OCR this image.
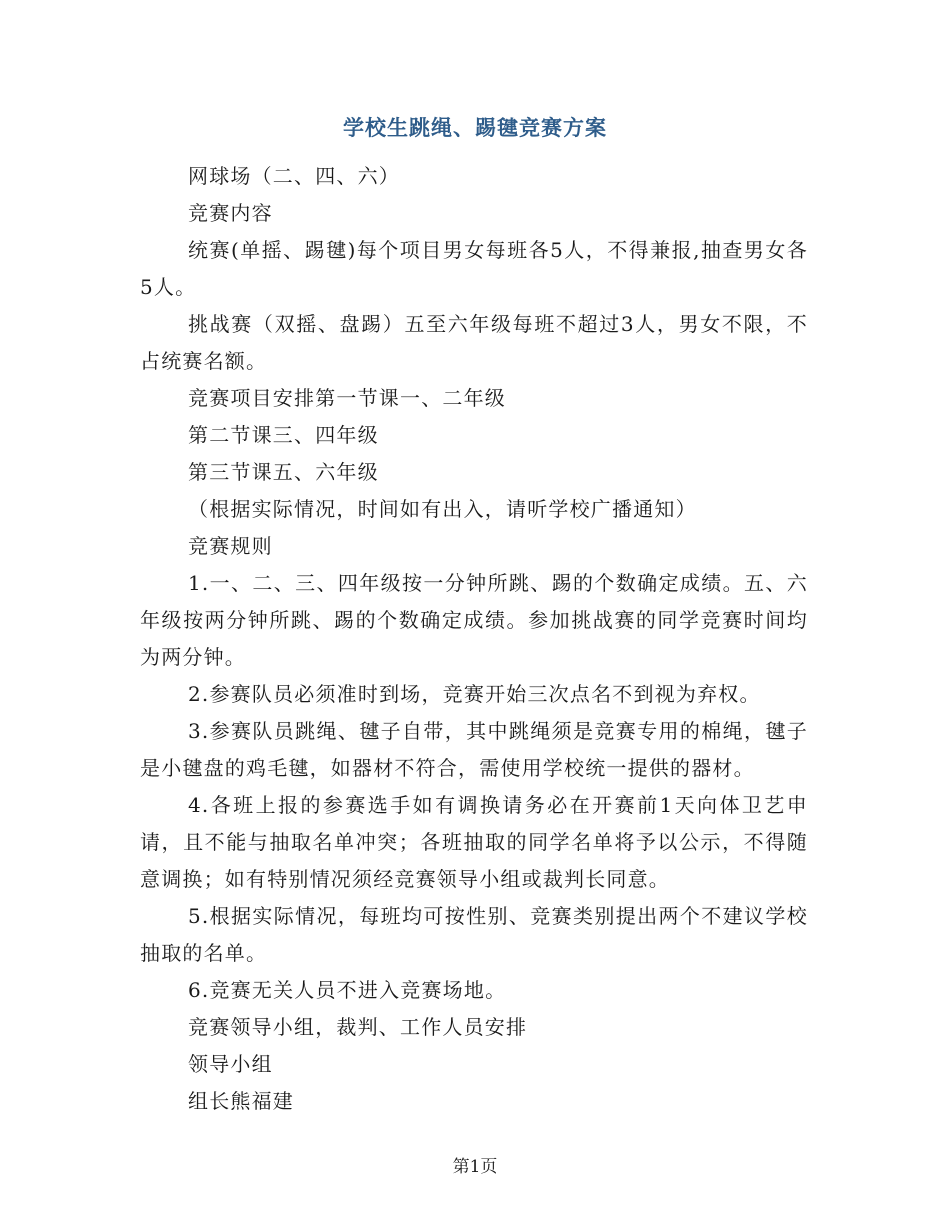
学校生跳绳、踢毽竞赛方案

网球场（二、四、六）

竞赛内容

统赛(单摇、踢毽)每个项目男女每班各5人，不得兼报,抽查男女各5人。

挑战赛（双摇、盘踢）五至六年级每班不超过3人，男女不限，不占统赛名额。

竞赛项目安排第一节课一、二年级

第二节课三、四年级

第三节课五、六年级

（根据实际情况，时间如有出入，请听学校广播通知）

竞赛规则

1.一、二、三、四年级按一分钟所跳、踢的个数确定成绩。五、六年级按两分钟所跳、踢的个数确定成绩。参加挑战赛的同学竞赛时间均为两分钟。

2.参赛队员必须准时到场，竞赛开始三次点名不到视为弃权。

3.参赛队员跳绳、毽子自带，其中跳绳须是竞赛专用的棉绳，毽子是小毽盘的鸡毛毽，如器材不符合，需使用学校统一提供的器材。

4.各班上报的参赛选手如有调换请务必在开赛前1天向体卫艺申请，且不能与抽取名单冲突；各班抽取的同学名单将予以公示，不得随意调换；如有特别情况须经竞赛领导小组或裁判长同意。

5.根据实际情况，每班均可按性别、竞赛类别提出两个不建议学校抽取的名单。

6.竞赛无关人员不进入竞赛场地。

竞赛领导小组，裁判、工作人员安排

领导小组

组长熊福建

第1页
